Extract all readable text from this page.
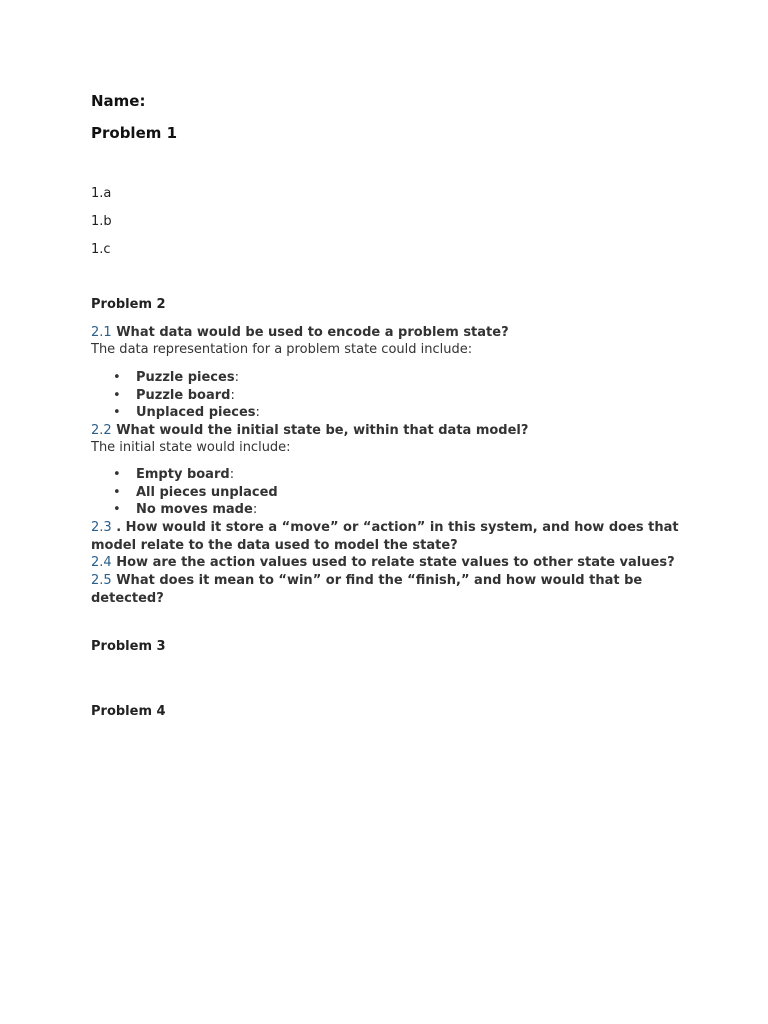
Name:

Problem 1

1.a

1.b

1.c

Problem 2

2.1 What data would be used to encode a problem state?

The data representation for a problem state could include:

• Puzzle pieces:
• Puzzle board:
• Unplaced pieces:

2.2 What would the initial state be, within that data model?

The initial state would include:

• Empty board:
• All pieces unplaced
• No moves made:

2.3 . How would it store a “move” or “action” in this system, and how does that model relate to the data used to model the state?

2.4 How are the action values used to relate state values to other state values?

2.5 What does it mean to “win” or find the “finish,” and how would that be detected?

Problem 3

Problem 4
